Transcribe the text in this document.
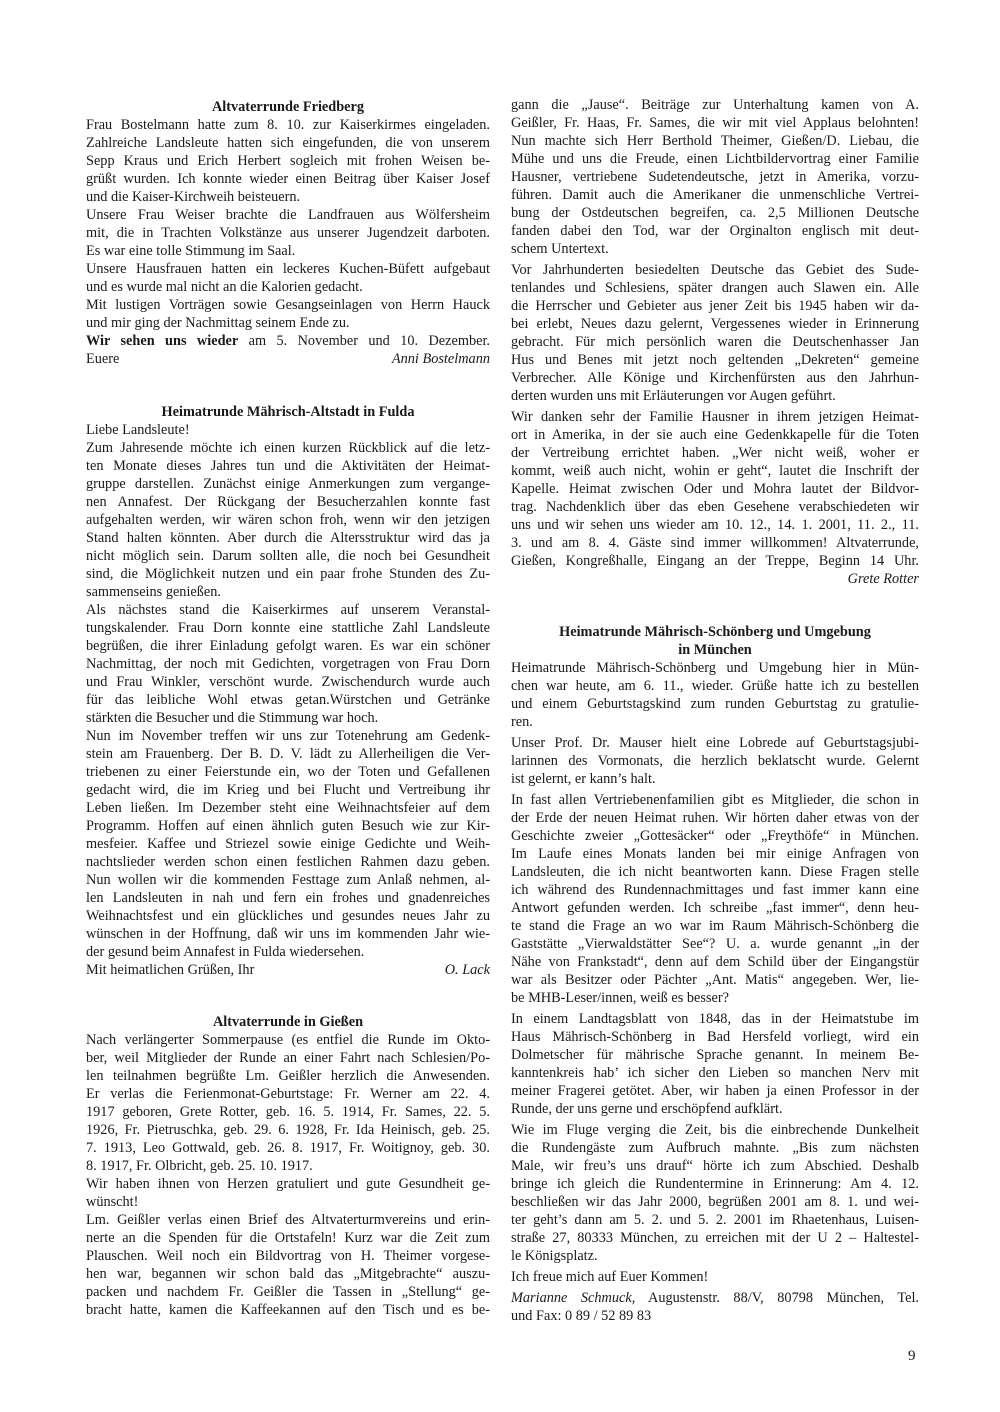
Altvaterrunde Friedberg
Frau Bostelmann hatte zum 8. 10. zur Kaiserkirmes eingeladen.
Zahlreiche Landsleute hatten sich eingefunden, die von unserem
Sepp Kraus und Erich Herbert sogleich mit frohen Weisen be-
grüßt wurden. Ich konnte wieder einen Beitrag über Kaiser Josef
und die Kaiser-Kirchweih beisteuern.
Unsere Frau Weiser brachte die Landfrauen aus Wölfersheim
mit, die in Trachten Volkstänze aus unserer Jugendzeit darboten.
Es war eine tolle Stimmung im Saal.
Unsere Hausfrauen hatten ein leckeres Kuchen-Büfett aufgebaut
und es wurde mal nicht an die Kalorien gedacht.
Mit lustigen Vorträgen sowie Gesangseinlagen von Herrn Hauck
und mir ging der Nachmittag seinem Ende zu.
Wir sehen uns wieder am 5. November und 10. Dezember.
Euere	Anni Bostelmann
Heimatrunde Mährisch-Altstadt in Fulda
Liebe Landsleute!
Zum Jahresende möchte ich einen kurzen Rückblick auf die letz-
ten Monate dieses Jahres tun und die Aktivitäten der Heimat-
gruppe darstellen. Zunächst einige Anmerkungen zum vergange-
nen Annafest. Der Rückgang der Besucherzahlen konnte fast
aufgehalten werden, wir wären schon froh, wenn wir den jetzigen
Stand halten könnten. Aber durch die Altersstruktur wird das ja
nicht möglich sein. Darum sollten alle, die noch bei Gesundheit
sind, die Möglichkeit nutzen und ein paar frohe Stunden des Zu-
sammenseins genießen.
Als nächstes stand die Kaiserkirmes auf unserem Veranstal-
tungskalender. Frau Dorn konnte eine stattliche Zahl Landsleute
begrüßen, die ihrer Einladung gefolgt waren. Es war ein schöner
Nachmittag, der noch mit Gedichten, vorgetragen von Frau Dorn
und Frau Winkler, verschönt wurde. Zwischendurch wurde auch
für das leibliche Wohl etwas getan.Würstchen und Getränke
stärkten die Besucher und die Stimmung war hoch.
Nun im November treffen wir uns zur Totenehrung am Gedenk-
stein am Frauenberg. Der B. D. V. lädt zu Allerheiligen die Ver-
triebenen zu einer Feierstunde ein, wo der Toten und Gefallenen
gedacht wird, die im Krieg und bei Flucht und Vertreibung ihr
Leben ließen. Im Dezember steht eine Weihnachtsfeier auf dem
Programm. Hoffen auf einen ähnlich guten Besuch wie zur Kir-
mesfeier. Kaffee und Striezel sowie einige Gedichte und Weih-
nachtslieder werden schon einen festlichen Rahmen dazu geben.
Nun wollen wir die kommenden Festtage zum Anlaß nehmen, al-
len Landsleuten in nah und fern ein frohes und gnadenreiches
Weihnachtsfest und ein glückliches und gesundes neues Jahr zu
wünschen in der Hoffnung, daß wir uns im kommenden Jahr wie-
der gesund beim Annafest in Fulda wiedersehen.
Mit heimatlichen Grüßen, Ihr	O. Lack
Altvaterrunde in Gießen
Nach verlängerter Sommerpause (es entfiel die Runde im Okto-
ber, weil Mitglieder der Runde an einer Fahrt nach Schlesien/Po-
len teilnahmen begrüßte Lm. Geißler herzlich die Anwesenden.
Er verlas die Ferienmonat-Geburtstage: Fr. Werner am 22. 4.
1917 geboren, Grete Rotter, geb. 16. 5. 1914, Fr. Sames, 22. 5.
1926, Fr. Pietruschka, geb. 29. 6. 1928, Fr. Ida Heinisch, geb. 25.
7. 1913, Leo Gottwald, geb. 26. 8. 1917, Fr. Woitignoy, geb. 30.
8. 1917, Fr. Olbricht, geb. 25. 10. 1917.
Wir haben ihnen von Herzen gratuliert und gute Gesundheit ge-
wünscht!
Lm. Geißler verlas einen Brief des Altvaterturmvereins und erin-
nerte an die Spenden für die Ortstafeln! Kurz war die Zeit zum
Plauschen. Weil noch ein Bildvortrag von H. Theimer vorgese-
hen war, begannen wir schon bald das „Mitgebrachte“ auszu-
packen und nachdem Fr. Geißler die Tassen in „Stellung“ ge-
bracht hatte, kamen die Kaffeekannen auf den Tisch und es be-
gann die „Jause“. Beiträge zur Unterhaltung kamen von A.
Geißler, Fr. Haas, Fr. Sames, die wir mit viel Applaus belohnten!
Nun machte sich Herr Berthold Theimer, Gießen/D. Liebau, die
Mühe und uns die Freude, einen Lichtbildervortrag einer Familie
Hausner, vertriebene Sudetendeutsche, jetzt in Amerika, vorzu-
führen. Damit auch die Amerikaner die unmenschliche Vertrei-
bung der Ostdeutschen begreifen, ca. 2,5 Millionen Deutsche
fanden dabei den Tod, war der Orginalton englisch mit deut-
schem Untertext.
Vor Jahrhunderten besiedelten Deutsche das Gebiet des Sude-
tenlandes und Schlesiens, später drangen auch Slawen ein. Alle
die Herrscher und Gebieter aus jener Zeit bis 1945 haben wir da-
bei erlebt, Neues dazu gelernt, Vergessenes wieder in Erinnerung
gebracht. Für mich persönlich waren die Deutschenhasser Jan
Hus und Benes mit jetzt noch geltenden „Dekreten“ gemeine
Verbrecher. Alle Könige und Kirchenfürsten aus den Jahrhun-
derten wurden uns mit Erläuterungen vor Augen geführt.
Wir danken sehr der Familie Hausner in ihrem jetzigen Heimat-
ort in Amerika, in der sie auch eine Gedenkkapelle für die Toten
der Vertreibung errichtet haben. „Wer nicht weiß, woher er
kommt, weiß auch nicht, wohin er geht“, lautet die Inschrift der
Kapelle. Heimat zwischen Oder und Mohra lautet der Bildvor-
trag. Nachdenklich über das eben Gesehene verabschiedeten wir
uns und wir sehen uns wieder am 10. 12., 14. 1. 2001, 11. 2., 11.
3. und am 8. 4. Gäste sind immer willkommen! Altvaterrunde,
Gießen, Kongreßhalle, Eingang an der Treppe, Beginn 14 Uhr.
Grete Rotter
Heimatrunde Mährisch-Schönberg und Umgebung
in München
Heimatrunde Mährisch-Schönberg und Umgebung hier in Mün-
chen war heute, am 6. 11., wieder. Grüße hatte ich zu bestellen
und einem Geburtstagskind zum runden Geburtstag zu gratulie-
ren.
Unser Prof. Dr. Mauser hielt eine Lobrede auf Geburtstagsjubi-
larinnen des Vormonats, die herzlich beklatscht wurde. Gelernt
ist gelernt, er kann’s halt.
In fast allen Vertriebenenfamilien gibt es Mitglieder, die schon in
der Erde der neuen Heimat ruhen. Wir hörten daher etwas von der
Geschichte zweier „Gottesäcker“ oder „Freythöfe“ in München.
Im Laufe eines Monats landen bei mir einige Anfragen von
Landsleuten, die ich nicht beantworten kann. Diese Fragen stelle
ich während des Rundennachmittages und fast immer kann eine
Antwort gefunden werden. Ich schreibe „fast immer“, denn heu-
te stand die Frage an wo war im Raum Mährisch-Schönberg die
Gaststätte „Vierwaldstätter See“? U. a. wurde genannt „in der
Nähe von Frankstadt“, denn auf dem Schild über der Eingangstür
war als Besitzer oder Pächter „Ant. Matis“ angegeben. Wer, lie-
be MHB-Leser/innen, weiß es besser?
In einem Landtagsblatt von 1848, das in der Heimatstube im
Haus Mährisch-Schönberg in Bad Hersfeld vorliegt, wird ein
Dolmetscher für mährische Sprache genannt. In meinem Be-
kanntenkreis hab’ ich sicher den Lieben so manchen Nerv mit
meiner Fragerei getötet. Aber, wir haben ja einen Professor in der
Runde, der uns gerne und erschöpfend aufklärt.
Wie im Fluge verging die Zeit, bis die einbrechende Dunkelheit
die Rundengäste zum Aufbruch mahnte. „Bis zum nächsten
Male, wir freu’s uns drauf“ hörte ich zum Abschied. Deshalb
bringe ich gleich die Rundentermine in Erinnerung: Am 4. 12.
beschließen wir das Jahr 2000, begrüßen 2001 am 8. 1. und wei-
ter geht’s dann am 5. 2. und 5. 2. 2001 im Rhaetenhaus, Luisen-
straße 27, 80333 München, zu erreichen mit der U 2 – Haltestel-
le Königsplatz.
Ich freue mich auf Euer Kommen!
Marianne Schmuck, Augustenstr. 88/V, 80798 München, Tel.
und Fax: 0 89 / 52 89 83
9
